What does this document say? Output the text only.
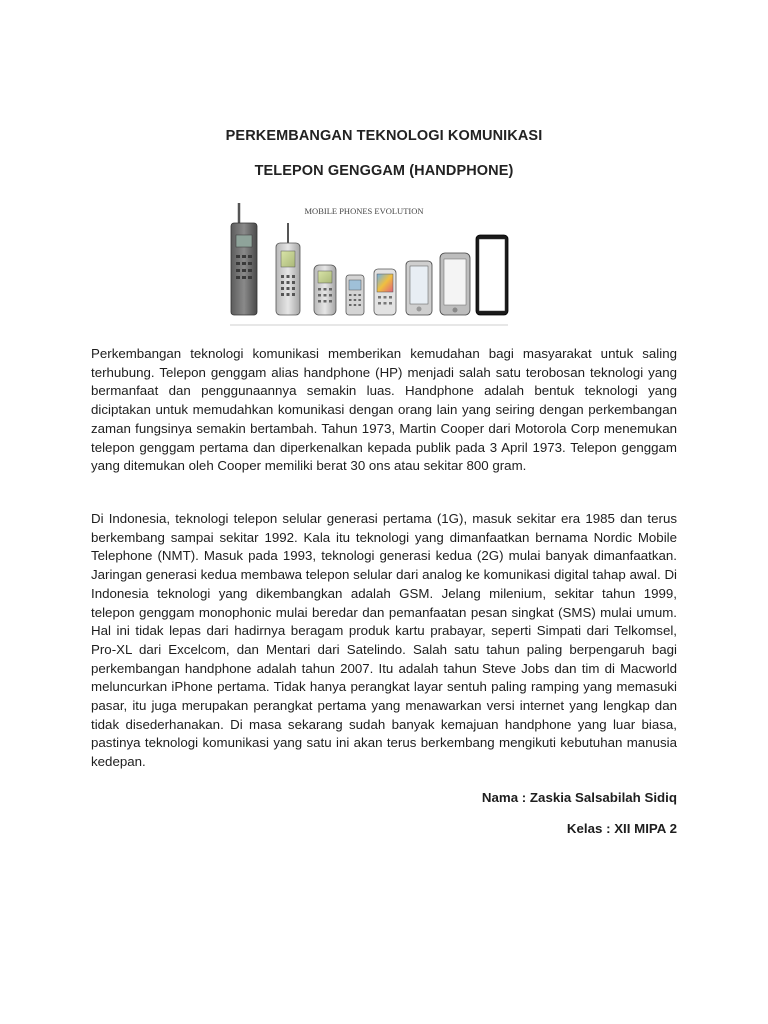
PERKEMBANGAN TEKNOLOGI KOMUNIKASI
TELEPON GENGGAM (HANDPHONE)
MOBILE PHONES EVOLUTION
Perkembangan teknologi komunikasi memberikan kemudahan bagi masyarakat untuk saling terhubung. Telepon genggam alias handphone (HP) menjadi salah satu terobosan teknologi yang bermanfaat dan penggunaannya semakin luas. Handphone adalah bentuk teknologi yang diciptakan untuk memudahkan komunikasi dengan orang lain yang seiring dengan perkembangan zaman fungsinya semakin bertambah. Tahun 1973, Martin Cooper dari Motorola Corp menemukan telepon genggam pertama dan diperkenalkan kepada publik pada 3 April 1973. Telepon genggam yang ditemukan oleh Cooper memiliki berat 30 ons atau sekitar 800 gram.
Di Indonesia, teknologi telepon selular generasi pertama (1G), masuk sekitar era 1985 dan terus berkembang sampai sekitar 1992. Kala itu teknologi yang dimanfaatkan bernama Nordic Mobile Telephone (NMT). Masuk pada 1993, teknologi generasi kedua (2G) mulai banyak dimanfaatkan. Jaringan generasi kedua membawa telepon selular dari analog ke komunikasi digital tahap awal. Di Indonesia teknologi yang dikembangkan adalah GSM. Jelang milenium, sekitar tahun 1999, telepon genggam monophonic mulai beredar dan pemanfaatan pesan singkat (SMS) mulai umum. Hal ini tidak lepas dari hadirnya beragam produk kartu prabayar, seperti Simpati dari Telkomsel, Pro-XL dari Excelcom, dan Mentari dari Satelindo. Salah satu tahun paling berpengaruh bagi perkembangan handphone adalah tahun 2007. Itu adalah tahun Steve Jobs dan tim di Macworld meluncurkan iPhone pertama. Tidak hanya perangkat layar sentuh paling ramping yang memasuki pasar, itu juga merupakan perangkat pertama yang menawarkan versi internet yang lengkap dan tidak disederhanakan. Di masa sekarang sudah banyak kemajuan handphone yang luar biasa, pastinya teknologi komunikasi yang satu ini akan terus berkembang mengikuti kebutuhan manusia kedepan.
Nama : Zaskia Salsabilah Sidiq
Kelas : XII MIPA 2
